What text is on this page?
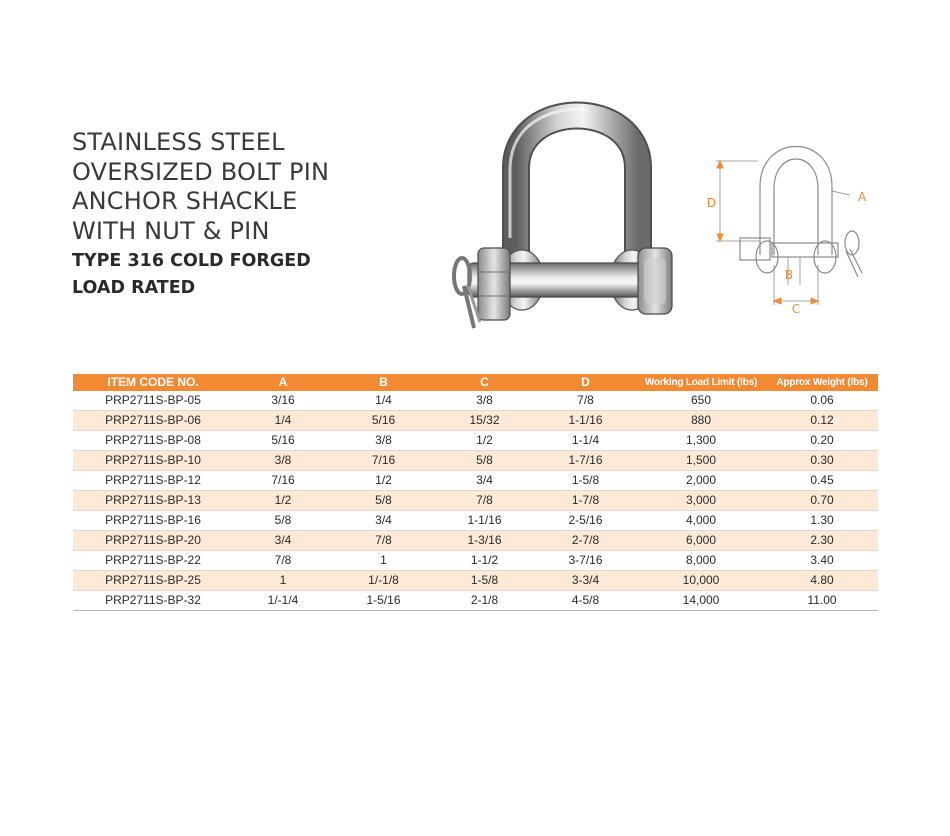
STAINLESS STEEL
OVERSIZED BOLT PIN
ANCHOR SHACKLE
WITH NUT & PIN
TYPE 316 COLD FORGED
LOAD RATED
D	A
B
C
ITEM CODE NO.	A	B	C	D	Working Load Limit (lbs)	Approx Weight (lbs)
PRP2711S-BP-05	3/16	1/4	3/8	7/8	650	0.06
PRP2711S-BP-06	1/4	5/16	15/32	1-1/16	880	0.12
PRP2711S-BP-08	5/16	3/8	1/2	1-1/4	1,300	0.20
PRP2711S-BP-10	3/8	7/16	5/8	1-7/16	1,500	0.30
PRP2711S-BP-12	7/16	1/2	3/4	1-5/8	2,000	0.45
PRP2711S-BP-13	1/2	5/8	7/8	1-7/8	3,000	0.70
PRP2711S-BP-16	5/8	3/4	1-1/16	2-5/16	4,000	1.30
PRP2711S-BP-20	3/4	7/8	1-3/16	2-7/8	6,000	2.30
PRP2711S-BP-22	7/8	1	1-1/2	3-7/16	8,000	3.40
PRP2711S-BP-25	1	1/-1/8	1-5/8	3-3/4	10,000	4.80
PRP2711S-BP-32	1/-1/4	1-5/16	2-1/8	4-5/8	14,000	11.00
